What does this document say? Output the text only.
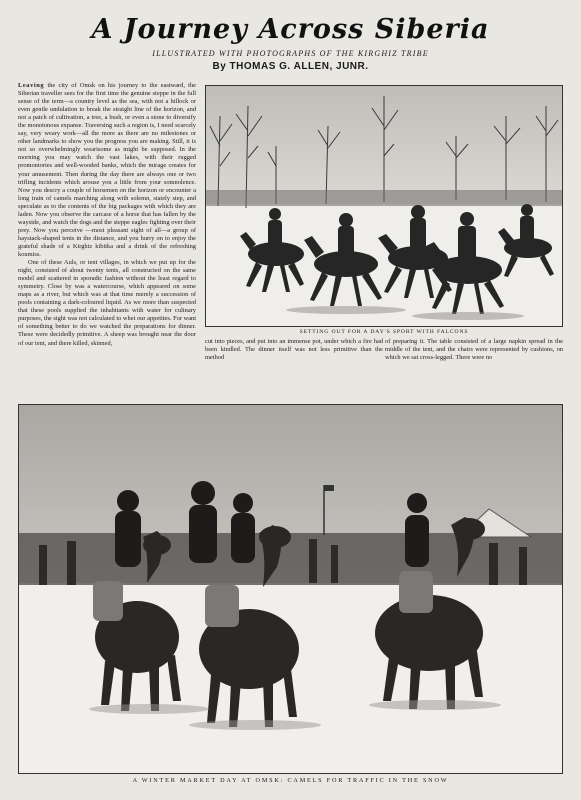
A Journey Across Siberia
ILLUSTRATED WITH PHOTOGRAPHS OF THE KIRGHIZ TRIBE
By THOMAS G. ALLEN, JUNR.

Leaving the city of Omsk on his journey to the eastward, the Siberian traveller sees for the first time the genuine steppe in the full sense of the term—a country level as the sea, with not a hillock or even gentle undulation to break the straight line of the horizon, and not a patch of cultivation, a tree, a bush, or even a stone to diversify the monotonous expanse. Traversing such a region is, I need scarcely say, very weary work—all the more as there are no milestones or other landmarks to show you the progress you are making. Still, it is not so overwhelmingly wearisome as might be supposed. In the morning you may watch the vast lakes, with their rugged promontories and well-wooded banks, which the mirage creates for your amusement. Then during the day there are always one or two trifling incidents which arouse you a little from your somnolence. Now you descry a couple of horsemen on the horizon or encounter a long train of camels marching along with solemn, stately step, and speculate as to the contents of the big packages with which they are laden. Now you observe the carcase of a horse that has fallen by the wayside, and watch the dogs and the steppe eagles fighting over their prey. Now you perceive —most pleasant sight of all—a group of haystack-shaped tents in the distance, and you hurry on to enjoy the grateful shade of a Kirghiz kibitka and a drink of the refreshing koumiss.

One of these Auls, or tent villages, in which we put up for the night, consisted of about twenty tents, all constructed on the same model and scattered in sporadic fashion without the least regard to symmetry. Close by was a watercourse, which appeared on some maps as a river, but which was at that time merely a succession of pools containing a dark-coloured liquid. As we more than suspected that these pools supplied the inhabitants with water for culinary purposes, the sight was not calculated to whet our appetites. For want of something better to do we watched the preparations for dinner. These were decidedly primitive. A sheep was brought near the door of our tent, and there killed, skinned,

SETTING OUT FOR A DAY'S SPORT WITH FALCONS

cut into pieces, and put into an immense pot, under which a fire had been kindled. The dinner itself was not less primitive than the method

of preparing it. The table consisted of a large napkin spread in the middle of the tent, and the chairs were represented by cushions, on which we sat cross-legged. There were no

A WINTER MARKET DAY AT OMSK: CAMELS FOR TRAFFIC IN THE SNOW
